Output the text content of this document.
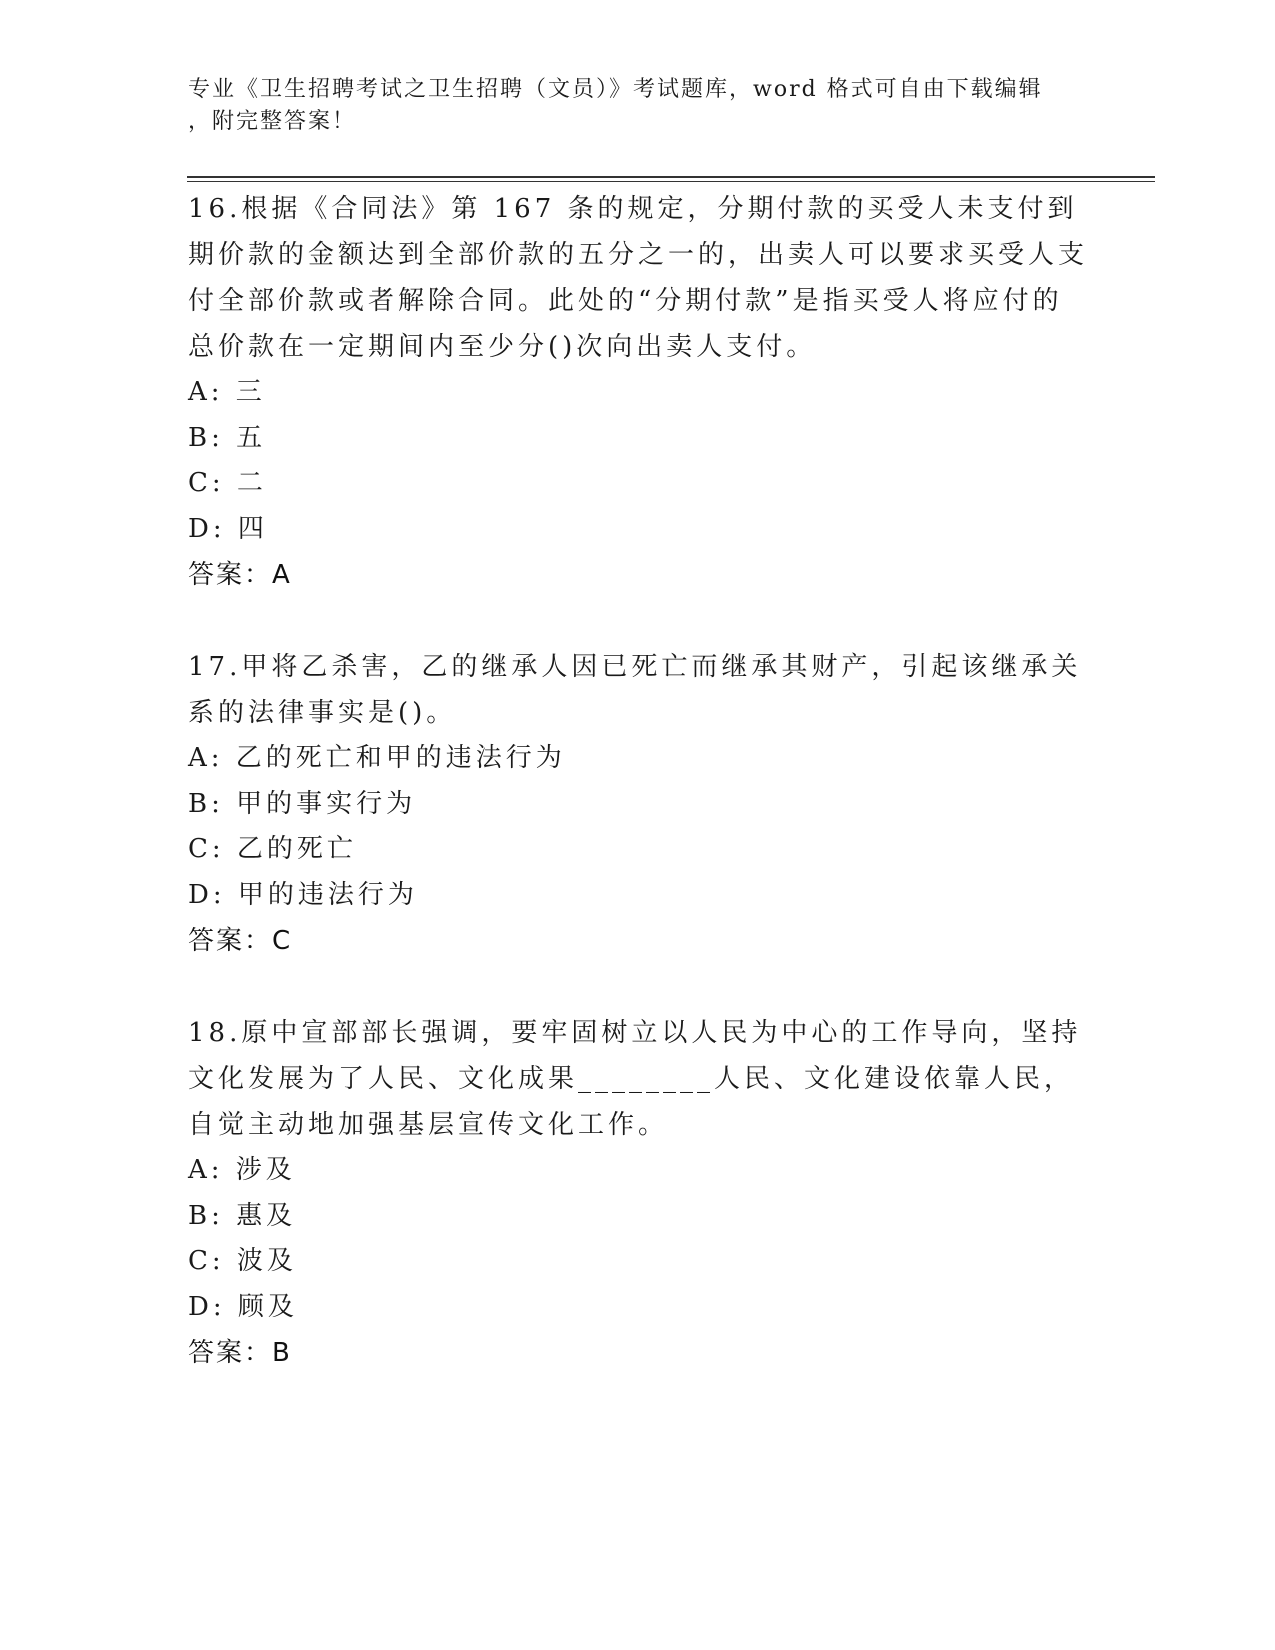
专业《卫生招聘考试之卫生招聘（文员）》考试题库，word 格式可自由下载编辑
，附完整答案！

16.根据《合同法》第 167 条的规定，分期付款的买受人未支付到期价款的金额达到全部价款的五分之一的，出卖人可以要求买受人支付全部价款或者解除合同。此处的“分期付款”是指买受人将应付的总价款在一定期间内至少分()次向出卖人支付。

A: 三

B: 五

C: 二

D: 四

答案：A

17.甲将乙杀害，乙的继承人因已死亡而继承其财产，引起该继承关系的法律事实是()。

A: 乙的死亡和甲的违法行为

B: 甲的事实行为

C: 乙的死亡

D: 甲的违法行为

答案：C

18.原中宣部部长强调，要牢固树立以人民为中心的工作导向，坚持文化发展为了人民、文化成果________人民、文化建设依靠人民，自觉主动地加强基层宣传文化工作。

A: 涉及

B: 惠及

C: 波及

D: 顾及

答案：B
